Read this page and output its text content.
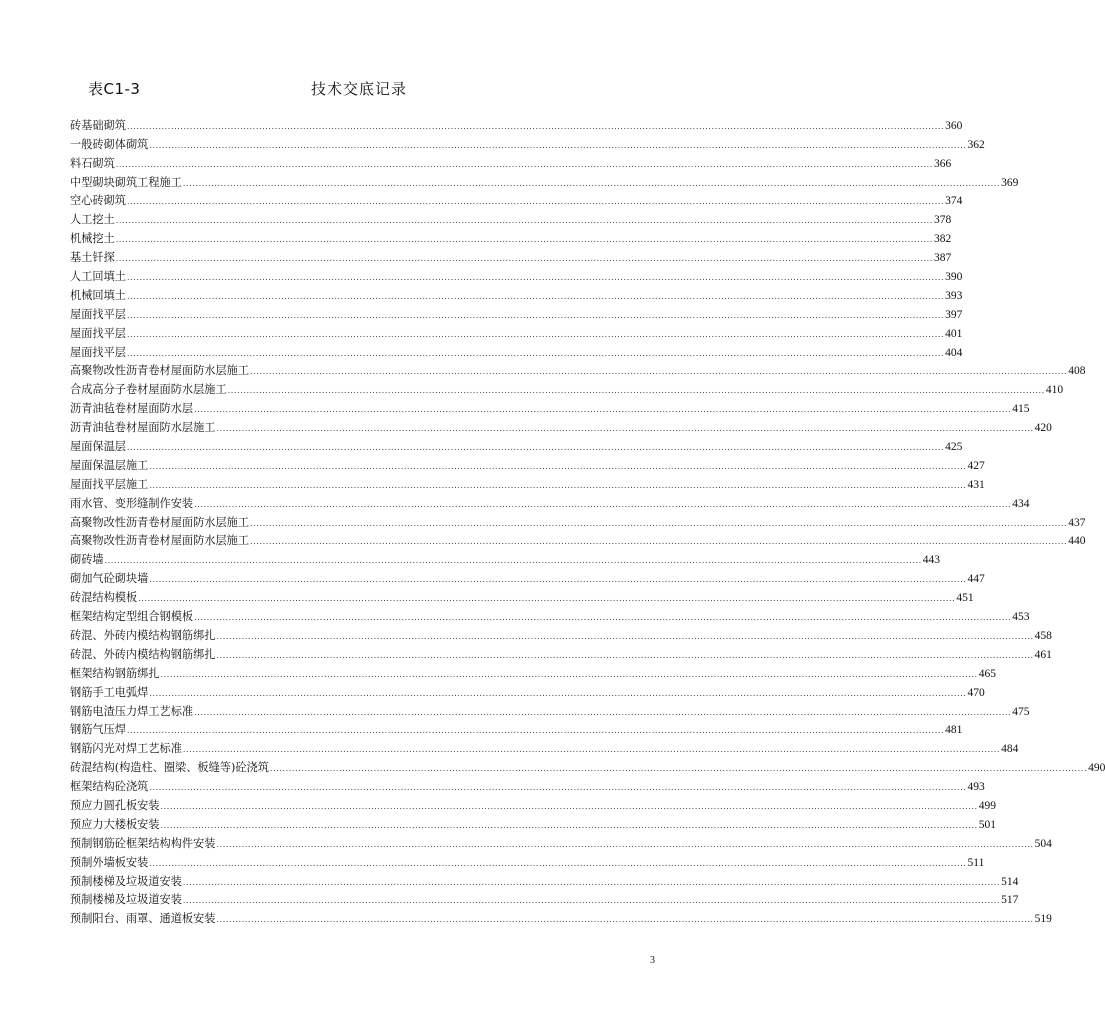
表C1-3	技术交底记录
砖基础砌筑 .................................................................................................................................................................................................................................................................... 360
一般砖砌体砌筑 .................................................................................................................................................................................................................................................................... 362
料石砌筑 .................................................................................................................................................................................................................................................................... 366
中型砌块砌筑工程施工 .................................................................................................................................................................................................................................................................... 369
空心砖砌筑 .................................................................................................................................................................................................................................................................... 374
人工挖土 .................................................................................................................................................................................................................................................................... 378
机械挖土 .................................................................................................................................................................................................................................................................... 382
基土钎探 .................................................................................................................................................................................................................................................................... 387
人工回填土 .................................................................................................................................................................................................................................................................... 390
机械回填土 .................................................................................................................................................................................................................................................................... 393
屋面找平层 .................................................................................................................................................................................................................................................................... 397
屋面找平层 .................................................................................................................................................................................................................................................................... 401
屋面找平层 .................................................................................................................................................................................................................................................................... 404
高聚物改性沥青卷材屋面防水层施工 .................................................................................................................................................................................................................................................................... 408
合成高分子卷材屋面防水层施工 .................................................................................................................................................................................................................................................................... 410
沥青油毡卷材屋面防水层 .................................................................................................................................................................................................................................................................... 415
沥青油毡卷材屋面防水层施工 .................................................................................................................................................................................................................................................................... 420
屋面保温层 .................................................................................................................................................................................................................................................................... 425
屋面保温层施工 .................................................................................................................................................................................................................................................................... 427
屋面找平层施工 .................................................................................................................................................................................................................................................................... 431
雨水管、变形缝制作安装 .................................................................................................................................................................................................................................................................... 434
高聚物改性沥青卷材屋面防水层施工 .................................................................................................................................................................................................................................................................... 437
高聚物改性沥青卷材屋面防水层施工 .................................................................................................................................................................................................................................................................... 440
砌砖墙 .................................................................................................................................................................................................................................................................... 443
砌加气砼砌块墙 .................................................................................................................................................................................................................................................................... 447
砖混结构模板 .................................................................................................................................................................................................................................................................... 451
框架结构定型组合钢模板 .................................................................................................................................................................................................................................................................... 453
砖混、外砖内模结构钢筋绑扎 .................................................................................................................................................................................................................................................................... 458
砖混、外砖内模结构钢筋绑扎 .................................................................................................................................................................................................................................................................... 461
框架结构钢筋绑扎 .................................................................................................................................................................................................................................................................... 465
钢筋手工电弧焊 .................................................................................................................................................................................................................................................................... 470
钢筋电渣压力焊工艺标准 .................................................................................................................................................................................................................................................................... 475
钢筋气压焊 .................................................................................................................................................................................................................................................................... 481
钢筋闪光对焊工艺标准 .................................................................................................................................................................................................................................................................... 484
砖混结构(构造柱、圈梁、板缝等)砼浇筑 .................................................................................................................................................................................................................................................................... 490
框架结构砼浇筑 .................................................................................................................................................................................................................................................................... 493
预应力圆孔板安装 .................................................................................................................................................................................................................................................................... 499
预应力大楼板安装 .................................................................................................................................................................................................................................................................... 501
预制钢筋砼框架结构构件安装 .................................................................................................................................................................................................................................................................... 504
预制外墙板安装 .................................................................................................................................................................................................................................................................... 511
预制楼梯及垃圾道安装 .................................................................................................................................................................................................................................................................... 514
预制楼梯及垃圾道安装 .................................................................................................................................................................................................................................................................... 517
预制阳台、雨罩、通道板安装 .................................................................................................................................................................................................................................................................... 519
3
